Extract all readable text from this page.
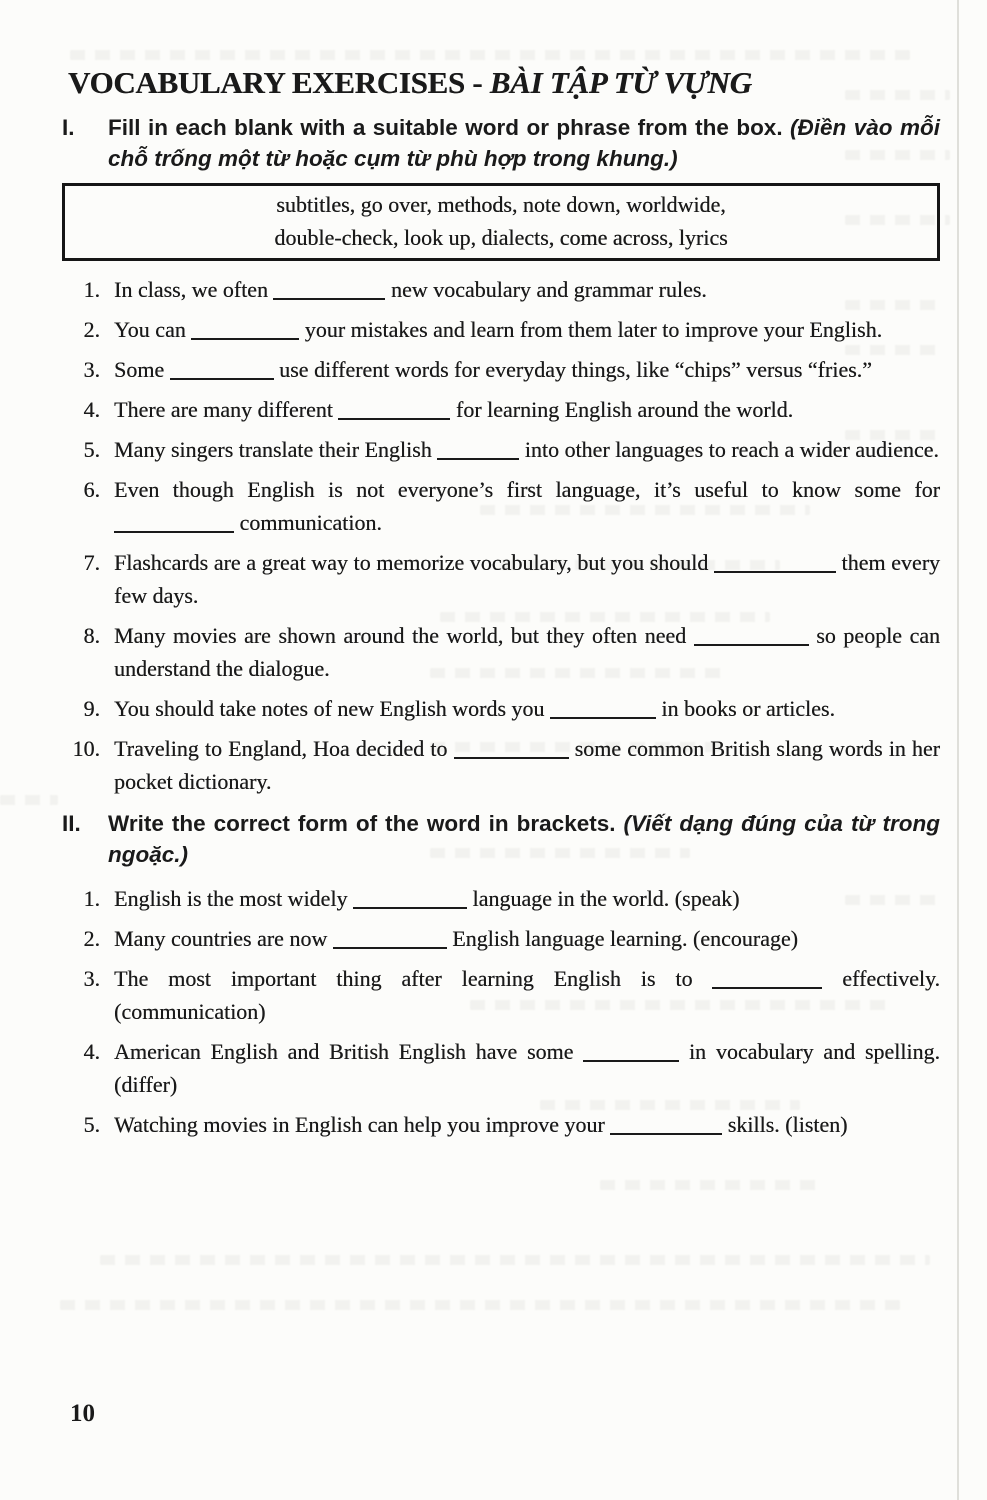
VOCABULARY EXERCISES - BÀI TẬP TỪ VỰNG
I.	Fill in each blank with a suitable word or phrase from the box. (Điền vào mỗi chỗ trống một từ hoặc cụm từ phù hợp trong khung.)

subtitles, go over, methods, note down, worldwide,
double-check, look up, dialects, come across, lyrics
1. In class, we often	new vocabulary and grammar rules.

2. You can	your mistakes and learn from them later to improve your English.

3. Some	use different words for everyday things, like “chips” versus “fries.”

4. There are many different	for learning English around the world.

5. Many singers translate their English	into other languages to reach a wider audience.

6. Even though English is not everyone’s first language, it’s useful to know some for  communication.

7. Flashcards are a great way to memorize vocabulary, but you should	them every few days.

8. Many movies are shown around the world, but they often need	so people can understand the dialogue.

9. You should take notes of new English words you	in books or articles.

10. Traveling to England, Hoa decided to	some common British slang words in her pocket dictionary.

II.	Write the correct form of the word in brackets. (Viết dạng đúng của từ trong ngoặc.)

1. English is the most widely	language in the world. (speak)

2. Many countries are now	English language learning. (encourage)

3. The most important thing after learning English is to	effectively. (communication)

4. American English and British English have some	in vocabulary and spelling. (differ)

5. Watching movies in English can help you improve your	skills. (listen)

10
